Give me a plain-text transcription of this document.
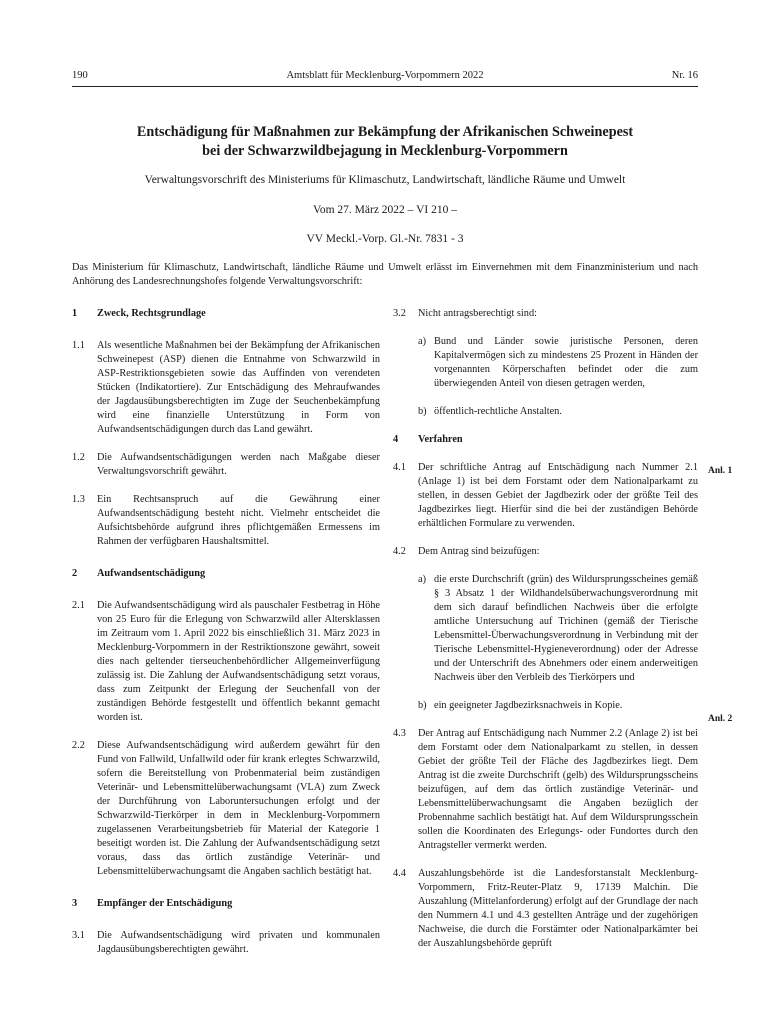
Amtsblatt für Mecklenburg-Vorpommern 2022
190	Nr. 16
Entschädigung für Maßnahmen zur Bekämpfung der Afrikanischen Schweinepest
bei der Schwarzwildbejagung in Mecklenburg-Vorpommern
Verwaltungsvorschrift des Ministeriums für Klimaschutz, Landwirtschaft, ländliche Räume und Umwelt
Vom 27. März 2022 – VI 210 –
VV Meckl.-Vorp. Gl.-Nr. 7831 - 3
Das Ministerium für Klimaschutz, Landwirtschaft, ländliche Räume und Umwelt erlässt im Einvernehmen mit dem Finanzministerium und nach Anhörung des Landesrechnungshofes folgende Verwaltungsvorschrift:
1 Zweck, Rechtsgrundlage
1.1 Als wesentliche Maßnahmen bei der Bekämpfung der Afrikanischen Schweinepest (ASP) dienen die Entnahme von Schwarzwild in ASP-Restriktionsgebieten sowie das Auffinden von verendeten Stücken (Indikatortiere). Zur Entschädigung des Mehraufwandes der Jagdausübungsberechtigten im Zuge der Seuchenbekämpfung wird eine finanzielle Unterstützung in Form von Aufwandsentschädigungen durch das Land gewährt.
1.2 Die Aufwandsentschädigungen werden nach Maßgabe dieser Verwaltungsvorschrift gewährt.
1.3 Ein Rechtsanspruch auf die Gewährung einer Aufwandsentschädigung besteht nicht. Vielmehr entscheidet die Aufsichtsbehörde aufgrund ihres pflichtgemäßen Ermessens im Rahmen der verfügbaren Haushaltsmittel.
2 Aufwandsentschädigung
2.1 Die Aufwandsentschädigung wird als pauschaler Festbetrag in Höhe von 25 Euro für die Erlegung von Schwarzwild aller Altersklassen im Zeitraum vom 1. April 2022 bis einschließlich 31. März 2023 in Mecklenburg-Vorpommern in der Restriktionszone gewährt, soweit dies nach geltender tierseuchenbehördlicher Allgemeinverfügung zulässig ist. Die Zahlung der Aufwandsentschädigung setzt voraus, dass zum Zeitpunkt der Erlegung der Seuchenfall von der zuständigen Behörde festgestellt und öffentlich bekannt gemacht worden ist.
2.2 Diese Aufwandsentschädigung wird außerdem gewährt für den Fund von Fallwild, Unfallwild oder für krank erlegtes Schwarzwild, sofern die Bereitstellung von Probenmaterial beim zuständigen Veterinär- und Lebensmittelüberwachungsamt (VLA) zum Zweck der Durchführung von Laboruntersuchungen erfolgt und der Schwarzwild-Tierkörper in dem in Mecklenburg-Vorpommern zugelassenen Verarbeitungsbetrieb für Material der Kategorie 1 beseitigt worden ist. Die Zahlung der Aufwandsentschädigung setzt voraus, dass das örtlich zuständige Veterinär- und Lebensmittelüberwachungsamt die Angaben sachlich bestätigt hat.
3 Empfänger der Entschädigung
3.1 Die Aufwandsentschädigung wird privaten und kommunalen Jagdausübungsberechtigten gewährt.
3.2 Nicht antragsberechtigt sind:
a) Bund und Länder sowie juristische Personen, deren Kapitalvermögen sich zu mindestens 25 Prozent in Händen der vorgenannten Körperschaften befindet oder die zum überwiegenden Anteil von diesen getragen werden,
b) öffentlich-rechtliche Anstalten.
4 Verfahren
4.1 Der schriftliche Antrag auf Entschädigung nach Nummer 2.1 (Anlage 1) ist bei dem Forstamt oder dem Nationalparkamt zu stellen, in dessen Gebiet der Jagdbezirk oder der größte Teil des Jagdbezirkes liegt. Hierfür sind die bei der zuständigen Behörde erhältlichen Formulare zu verwenden.
4.2 Dem Antrag sind beizufügen:
a) die erste Durchschrift (grün) des Wildursprungsscheines gemäß § 3 Absatz 1 der Wildhandelsüberwachungsverordnung mit dem sich darauf befindlichen Nachweis über die erfolgte amtliche Untersuchung auf Trichinen (gemäß der Tierische Lebensmittel-Überwachungsverordnung in Verbindung mit der Tierische Lebensmittel-Hygieneverordnung) oder der Adresse und der Unterschrift des Abnehmers oder einem anderweitigen Nachweis über den Verbleib des Tierkörpers und
b) ein geeigneter Jagdbezirksnachweis in Kopie.
4.3 Der Antrag auf Entschädigung nach Nummer 2.2 (Anlage 2) ist bei dem Forstamt oder dem Nationalparkamt zu stellen, in dessen Gebiet der größte Teil der Fläche des Jagdbezirkes liegt. Dem Antrag ist die zweite Durchschrift (gelb) des Wildursprungsscheins beizufügen, auf dem das örtlich zuständige Veterinär- und Lebensmittelüberwachungsamt die Angaben bezüglich der Probennahme sachlich bestätigt hat. Auf dem Wildursprungsschein sollen die Koordinaten des Erlegungs- oder Fundortes durch den Antragsteller vermerkt werden.
4.4 Auszahlungsbehörde ist die Landesforstanstalt Mecklenburg-Vorpommern, Fritz-Reuter-Platz 9, 17139 Malchin. Die Auszahlung (Mittelanforderung) erfolgt auf der Grundlage der nach den Nummern 4.1 und 4.3 gestellten Anträge und der zugehörigen Nachweise, die durch die Forstämter oder Nationalparkämter bei der Auszahlungsbehörde geprüft
Anl. 1
Anl. 2
